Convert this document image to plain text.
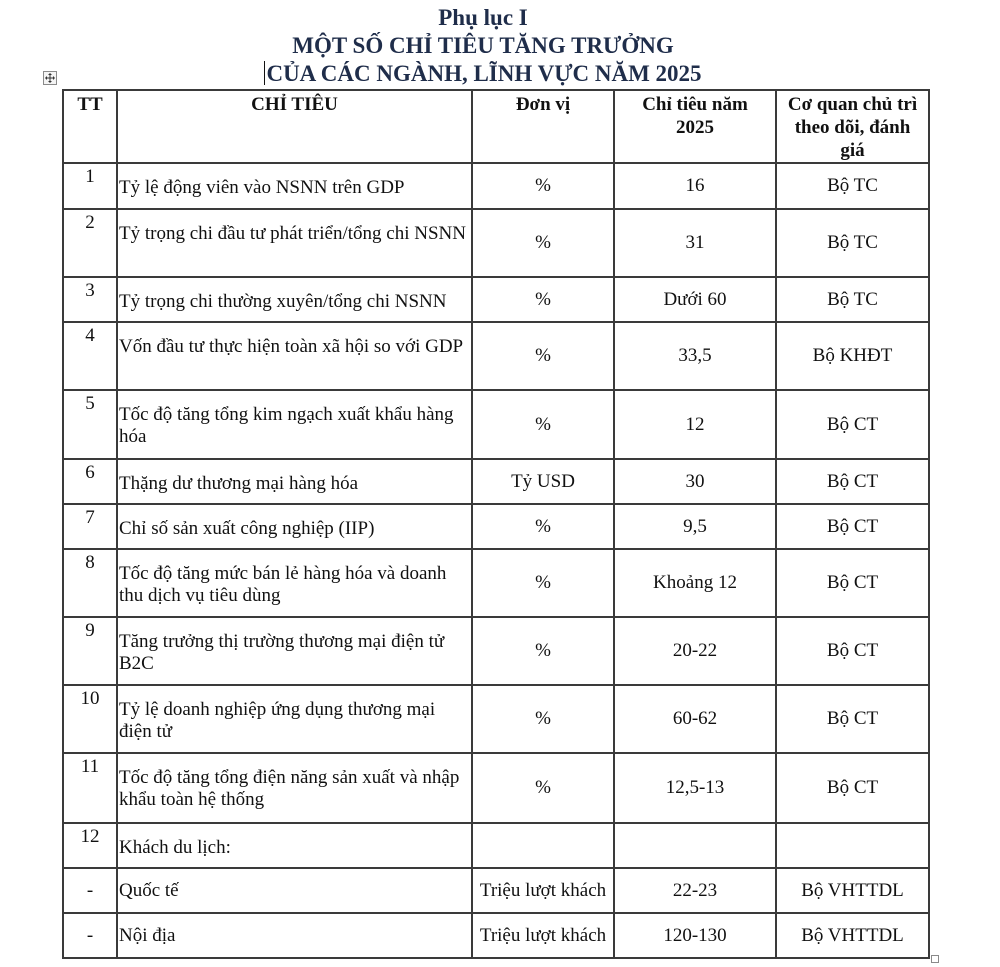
Phụ lục I
MỘT SỐ CHỈ TIÊU TĂNG TRƯỞNG
CỦA CÁC NGÀNH, LĨNH VỰC NĂM 2025
TT	CHỈ TIÊU	Đơn vị	Chỉ tiêu năm 2025	Cơ quan chủ trì theo dõi, đánh giá
1	Tỷ lệ động viên vào NSNN trên GDP	%	16	Bộ TC
2	Tỷ trọng chi đầu tư phát triển/tổng chi NSNN	%	31	Bộ TC
3	Tỷ trọng chi thường xuyên/tổng chi NSNN	%	Dưới 60	Bộ TC
4	Vốn đầu tư thực hiện toàn xã hội so với GDP	%	33,5	Bộ KHĐT
5	Tốc độ tăng tổng kim ngạch xuất khẩu hàng hóa	%	12	Bộ CT
6	Thặng dư thương mại hàng hóa	Tỷ USD	30	Bộ CT
7	Chỉ số sản xuất công nghiệp (IIP)	%	9,5	Bộ CT
8	Tốc độ tăng mức bán lẻ hàng hóa và doanh thu dịch vụ tiêu dùng	%	Khoảng 12	Bộ CT
9	Tăng trưởng thị trường thương mại điện tử B2C	%	20-22	Bộ CT
10	Tỷ lệ doanh nghiệp ứng dụng thương mại điện tử	%	60-62	Bộ CT
11	Tốc độ tăng tổng điện năng sản xuất và nhập khẩu toàn hệ thống	%	12,5-13	Bộ CT
12	Khách du lịch:			
-	Quốc tế	Triệu lượt khách	22-23	Bộ VHTTDL
-	Nội địa	Triệu lượt khách	120-130	Bộ VHTTDL
